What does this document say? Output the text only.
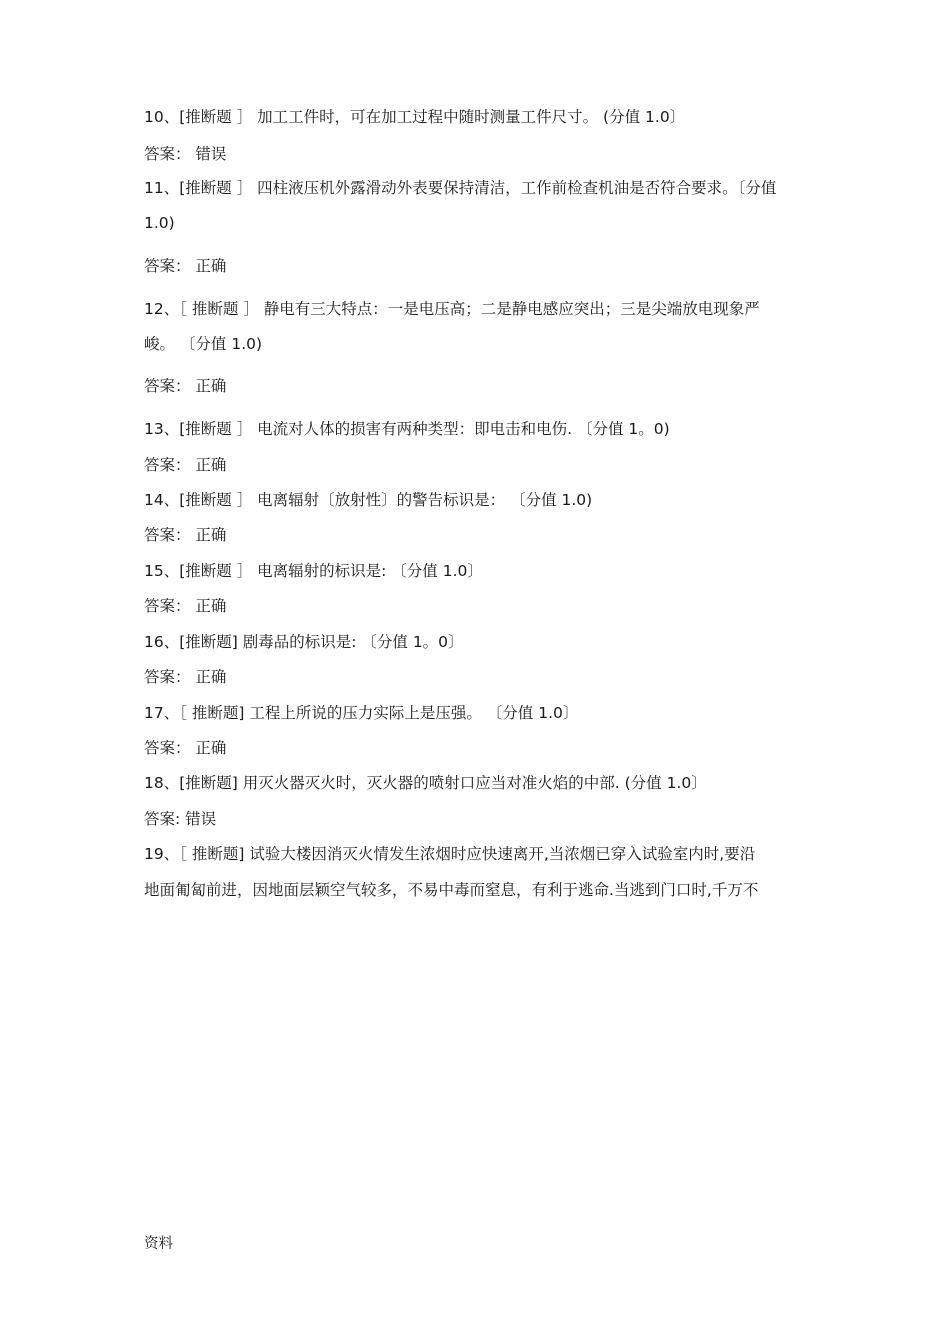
10、[推断题 ］ 加工工件时，可在加工过程中随时测量工件尺寸。 (分值 1.0〕
答案： 错误
11、[推断题 ］ 四柱液压机外露滑动外表要保持清洁，工作前检查机油是否符合要求。〔分值
1.0)
答案： 正确
12、［ 推断题 ］ 静电有三大特点：一是电压高；二是静电感应突出；三是尖端放电现象严
峻。 〔分值 1.0)
答案： 正确
13、[推断题 ］ 电流对人体的损害有两种类型：即电击和电伤. 〔分值 1。0)
答案： 正确
14、[推断题 ］ 电离辐射〔放射性〕的警告标识是： 〔分值 1.0)
答案： 正确
15、[推断题 ］ 电离辐射的标识是: 〔分值 1.0〕
答案： 正确
16、[推断题] 剧毒品的标识是: 〔分值 1。0〕
答案： 正确
17、［ 推断题] 工程上所说的压力实际上是压强。 〔分值 1.0〕
答案： 正确
18、[推断题] 用灭火器灭火时，灭火器的喷射口应当对准火焰的中部. (分值 1.0〕
答案: 错误
19、［ 推断题] 试验大楼因消灭火情发生浓烟时应快速离开,当浓烟已穿入试验室内时,要沿
地面匍匐前进，因地面层颖空气较多，不易中毒而窒息，有利于逃命.当逃到门口时,千万不
资料
